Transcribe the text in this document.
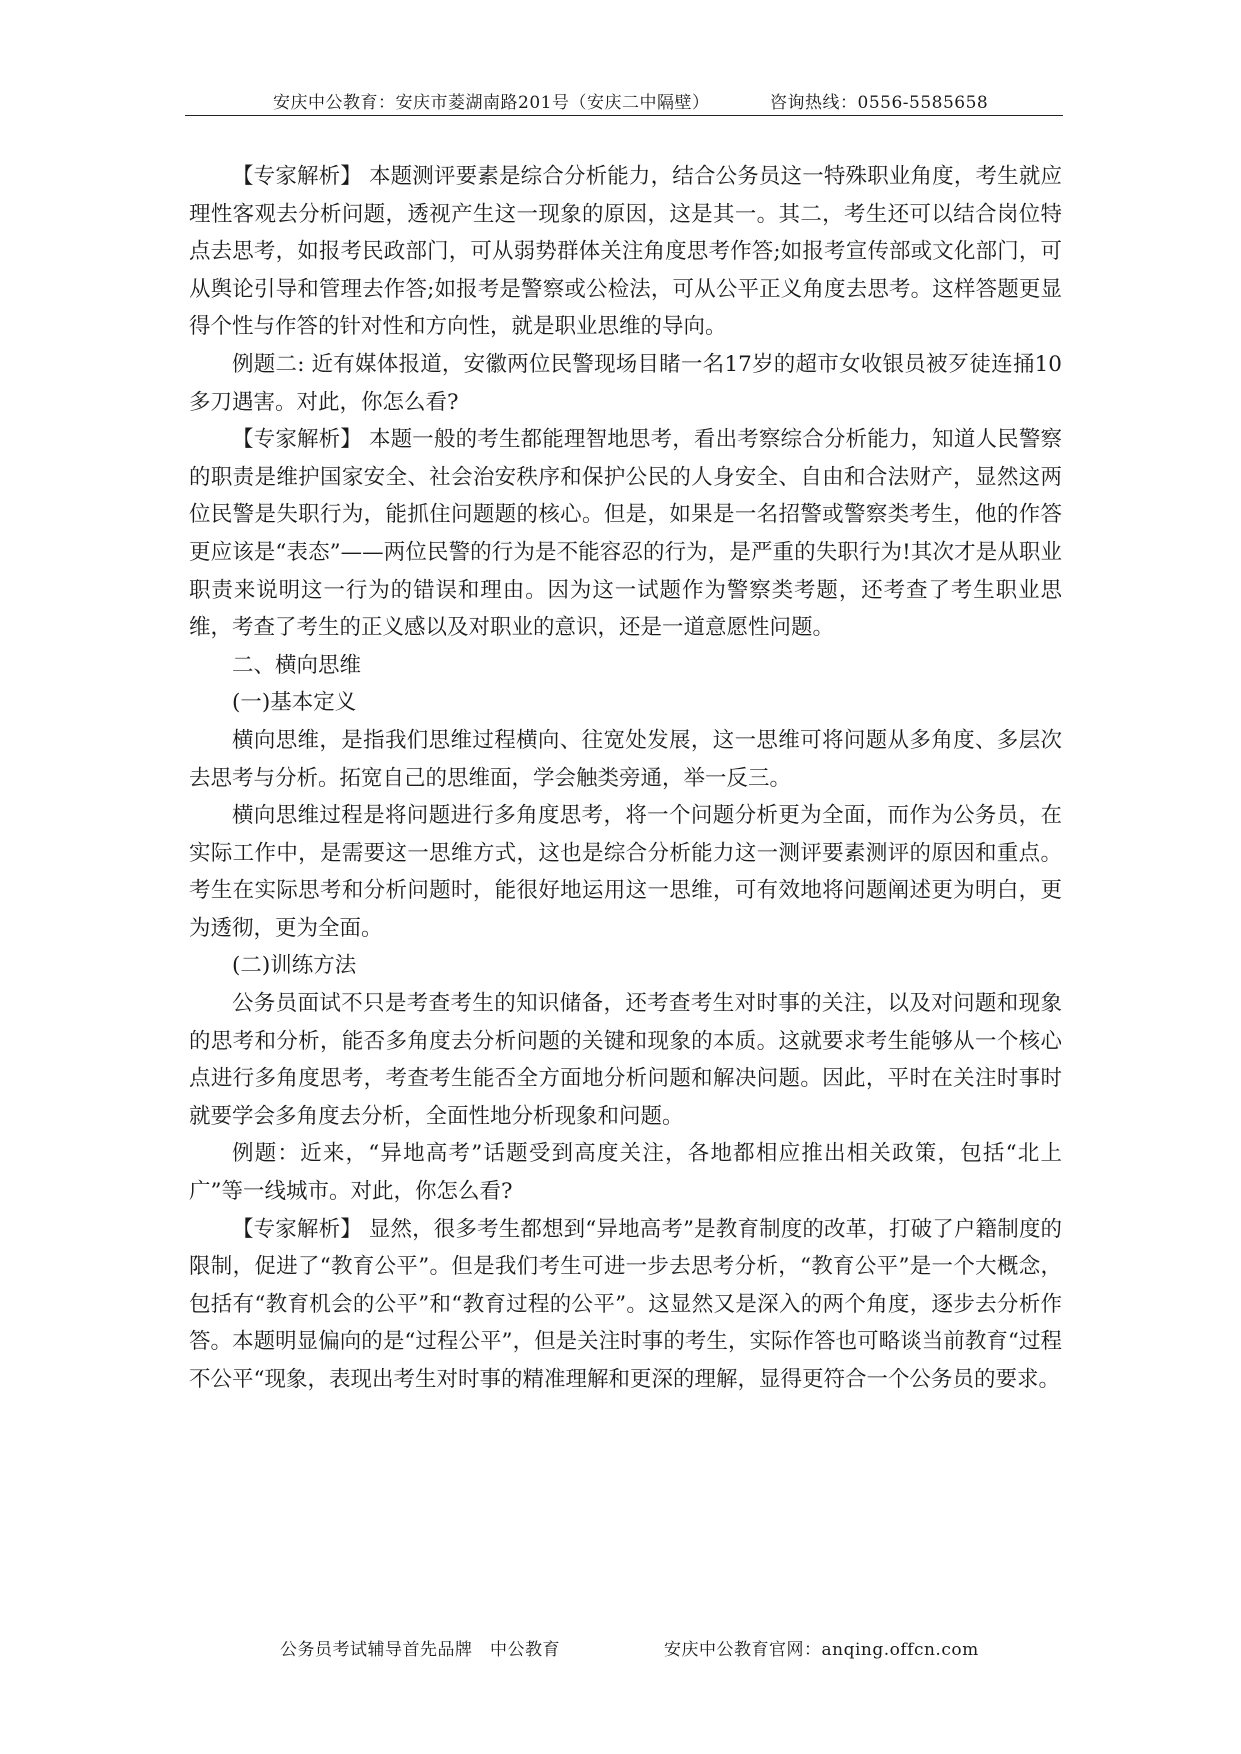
安庆中公教育：安庆市菱湖南路201号（安庆二中隔壁）	咨询热线：0556-5585658

【专家解析】 本题测评要素是综合分析能力，结合公务员这一特殊职业角度，考生就应理性客观去分析问题，透视产生这一现象的原因，这是其一。其二，考生还可以结合岗位特点去思考，如报考民政部门，可从弱势群体关注角度思考作答;如报考宣传部或文化部门，可从舆论引导和管理去作答;如报考是警察或公检法，可从公平正义角度去思考。这样答题更显得个性与作答的针对性和方向性，就是职业思维的导向。

例题二: 近有媒体报道，安徽两位民警现场目睹一名17岁的超市女收银员被歹徒连捅10多刀遇害。对此，你怎么看?

【专家解析】 本题一般的考生都能理智地思考，看出考察综合分析能力，知道人民警察的职责是维护国家安全、社会治安秩序和保护公民的人身安全、自由和合法财产，显然这两位民警是失职行为，能抓住问题题的核心。但是，如果是一名招警或警察类考生，他的作答更应该是“表态”——两位民警的行为是不能容忍的行为，是严重的失职行为!其次才是从职业职责来说明这一行为的错误和理由。因为这一试题作为警察类考题，还考查了考生职业思维，考查了考生的正义感以及对职业的意识，还是一道意愿性问题。

二、横向思维

(一)基本定义

横向思维，是指我们思维过程横向、往宽处发展，这一思维可将问题从多角度、多层次去思考与分析。拓宽自己的思维面，学会触类旁通，举一反三。

横向思维过程是将问题进行多角度思考，将一个问题分析更为全面，而作为公务员，在实际工作中，是需要这一思维方式，这也是综合分析能力这一测评要素测评的原因和重点。考生在实际思考和分析问题时，能很好地运用这一思维，可有效地将问题阐述更为明白，更为透彻，更为全面。

(二)训练方法

公务员面试不只是考查考生的知识储备，还考查考生对时事的关注，以及对问题和现象的思考和分析，能否多角度去分析问题的关键和现象的本质。这就要求考生能够从一个核心点进行多角度思考，考查考生能否全方面地分析问题和解决问题。因此，平时在关注时事时就要学会多角度去分析，全面性地分析现象和问题。

例题：近来，“异地高考”话题受到高度关注，各地都相应推出相关政策，包括“北上广”等一线城市。对此，你怎么看?

【专家解析】 显然，很多考生都想到“异地高考”是教育制度的改革，打破了户籍制度的限制，促进了“教育公平”。但是我们考生可进一步去思考分析，“教育公平”是一个大概念，包括有“教育机会的公平”和“教育过程的公平”。这显然又是深入的两个角度，逐步去分析作答。本题明显偏向的是“过程公平”，但是关注时事的考生，实际作答也可略谈当前教育“过程不公平“现象，表现出考生对时事的精准理解和更深的理解，显得更符合一个公务员的要求。

公务员考试辅导首先品牌　中公教育	安庆中公教育官网：anqing.offcn.com
